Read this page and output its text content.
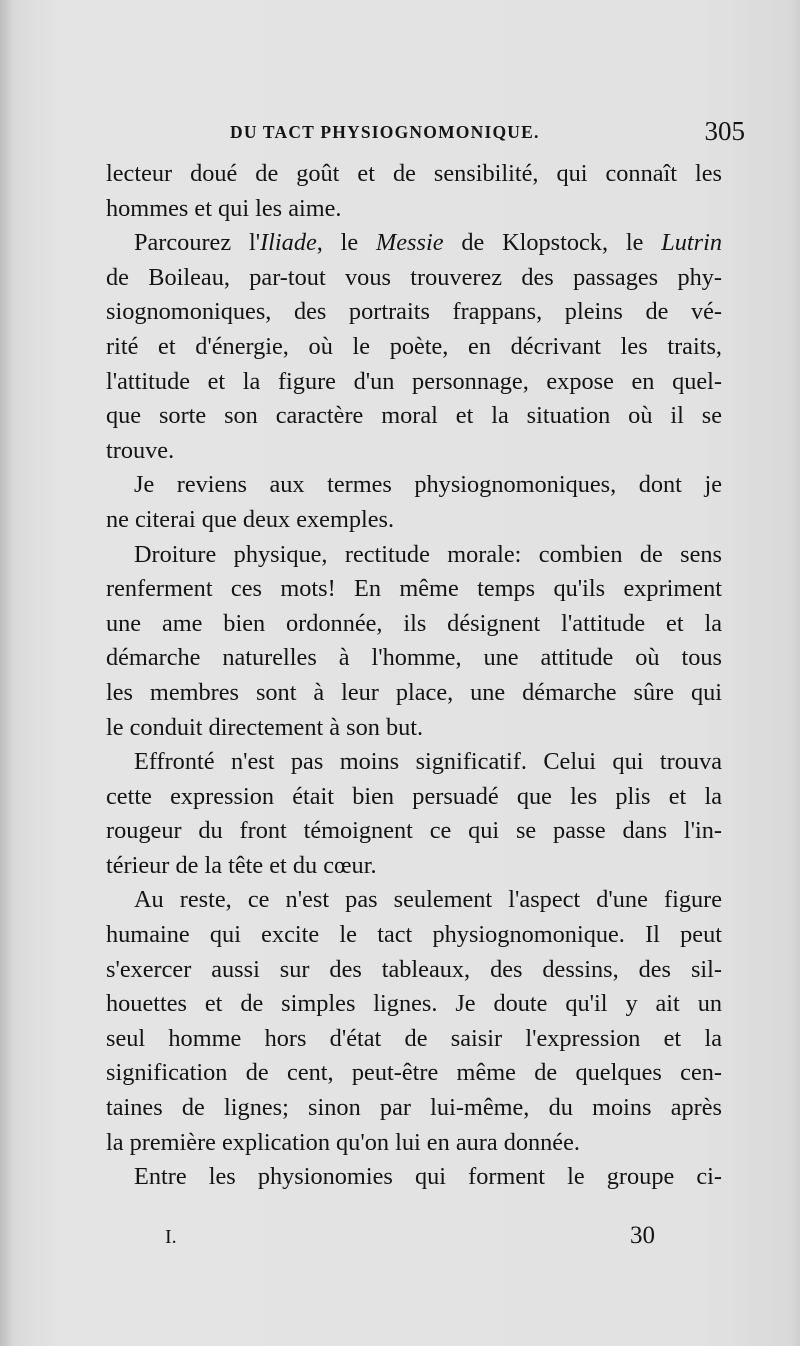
DU TACT PHYSIOGNOMONIQUE.	305
lecteur doué de goût et de sensibilité, qui connaît les
hommes et qui les aime.
Parcourez l'Iliade, le Messie de Klopstock, le Lutrin
de Boileau, par-tout vous trouverez des passages phy-
siognomoniques, des portraits frappans, pleins de vé-
rité et d'énergie, où le poète, en décrivant les traits,
l'attitude et la figure d'un personnage, expose en quel-
que sorte son caractère moral et la situation où il se
trouve.
Je reviens aux termes physiognomoniques, dont je
ne citerai que deux exemples.
Droiture physique, rectitude morale: combien de sens
renferment ces mots! En même temps qu'ils expriment
une ame bien ordonnée, ils désignent l'attitude et la
démarche naturelles à l'homme, une attitude où tous
les membres sont à leur place, une démarche sûre qui
le conduit directement à son but.
Effronté n'est pas moins significatif. Celui qui trouva
cette expression était bien persuadé que les plis et la
rougeur du front témoignent ce qui se passe dans l'in-
térieur de la tête et du cœur.
Au reste, ce n'est pas seulement l'aspect d'une figure
humaine qui excite le tact physiognomonique. Il peut
s'exercer aussi sur des tableaux, des dessins, des sil-
houettes et de simples lignes. Je doute qu'il y ait un
seul homme hors d'état de saisir l'expression et la
signification de cent, peut-être même de quelques cen-
taines de lignes; sinon par lui-même, du moins après
la première explication qu'on lui en aura donnée.
Entre les physionomies qui forment le groupe ci-
I.	30
